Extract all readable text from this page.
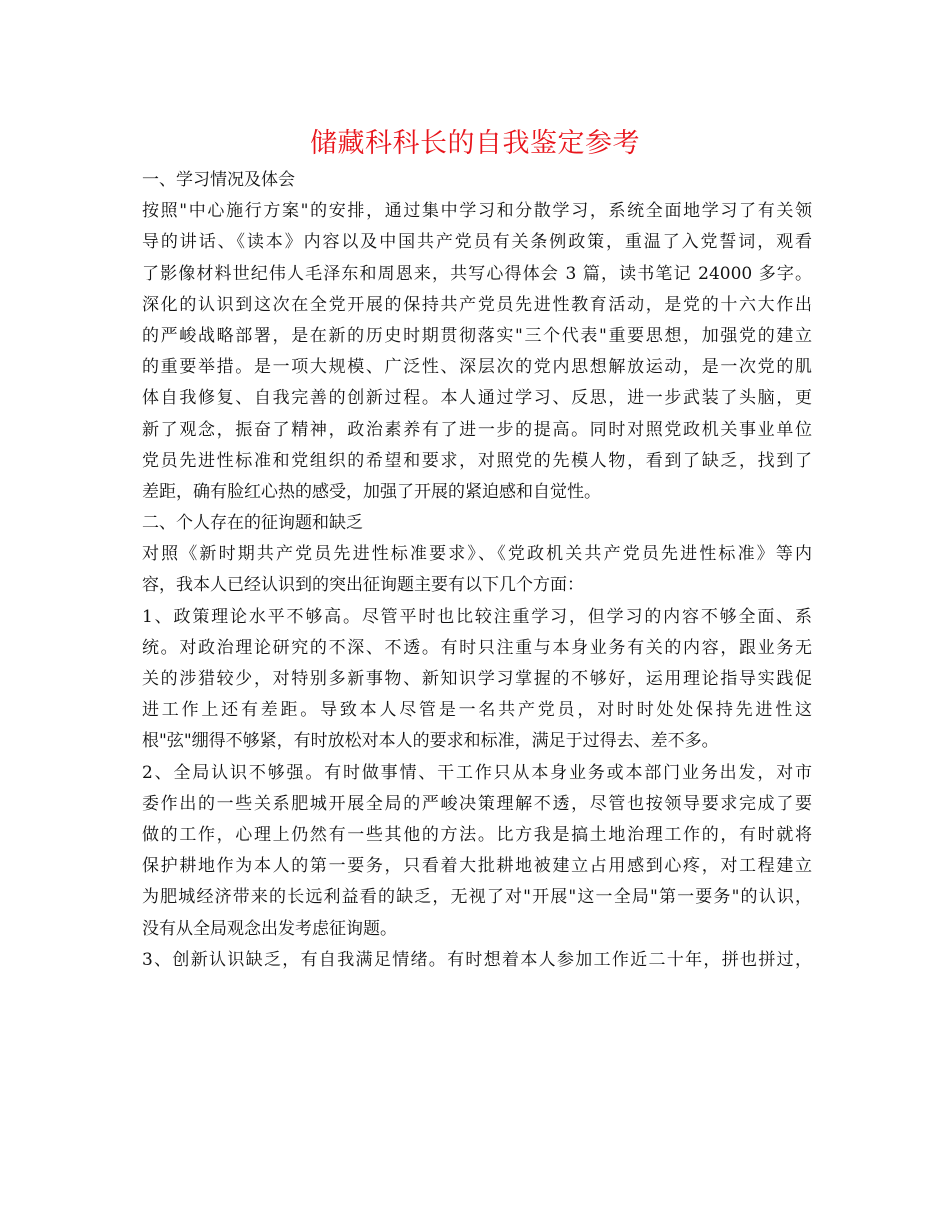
储藏科科长的自我鉴定参考
一、学习情况及体会
按照"中心施行方案"的安排，通过集中学习和分散学习，系统全面地学习了有关领
导的讲话、《读本》内容以及中国共产党员有关条例政策，重温了入党誓词，观看
了影像材料世纪伟人毛泽东和周恩来，共写心得体会 3 篇，读书笔记 24000 多字。
深化的认识到这次在全党开展的保持共产党员先进性教育活动，是党的十六大作出
的严峻战略部署，是在新的历史时期贯彻落实"三个代表"重要思想，加强党的建立
的重要举措。是一项大规模、广泛性、深层次的党内思想解放运动，是一次党的肌
体自我修复、自我完善的创新过程。本人通过学习、反思，进一步武装了头脑，更
新了观念，振奋了精神，政治素养有了进一步的提高。同时对照党政机关事业单位
党员先进性标准和党组织的希望和要求，对照党的先模人物，看到了缺乏，找到了
差距，确有脸红心热的感受，加强了开展的紧迫感和自觉性。
二、个人存在的征询题和缺乏
对照《新时期共产党员先进性标准要求》、《党政机关共产党员先进性标准》等内
容，我本人已经认识到的突出征询题主要有以下几个方面：
1、政策理论水平不够高。尽管平时也比较注重学习，但学习的内容不够全面、系
统。对政治理论研究的不深、不透。有时只注重与本身业务有关的内容，跟业务无
关的涉猎较少，对特别多新事物、新知识学习掌握的不够好，运用理论指导实践促
进工作上还有差距。导致本人尽管是一名共产党员，对时时处处保持先进性这
根"弦"绷得不够紧，有时放松对本人的要求和标准，满足于过得去、差不多。
2、全局认识不够强。有时做事情、干工作只从本身业务或本部门业务出发，对市
委作出的一些关系肥城开展全局的严峻决策理解不透，尽管也按领导要求完成了要
做的工作，心理上仍然有一些其他的方法。比方我是搞土地治理工作的，有时就将
保护耕地作为本人的第一要务，只看着大批耕地被建立占用感到心疼，对工程建立
为肥城经济带来的长远利益看的缺乏，无视了对"开展"这一全局"第一要务"的认识，
没有从全局观念出发考虑征询题。
3、创新认识缺乏，有自我满足情绪。有时想着本人参加工作近二十年，拼也拼过，
